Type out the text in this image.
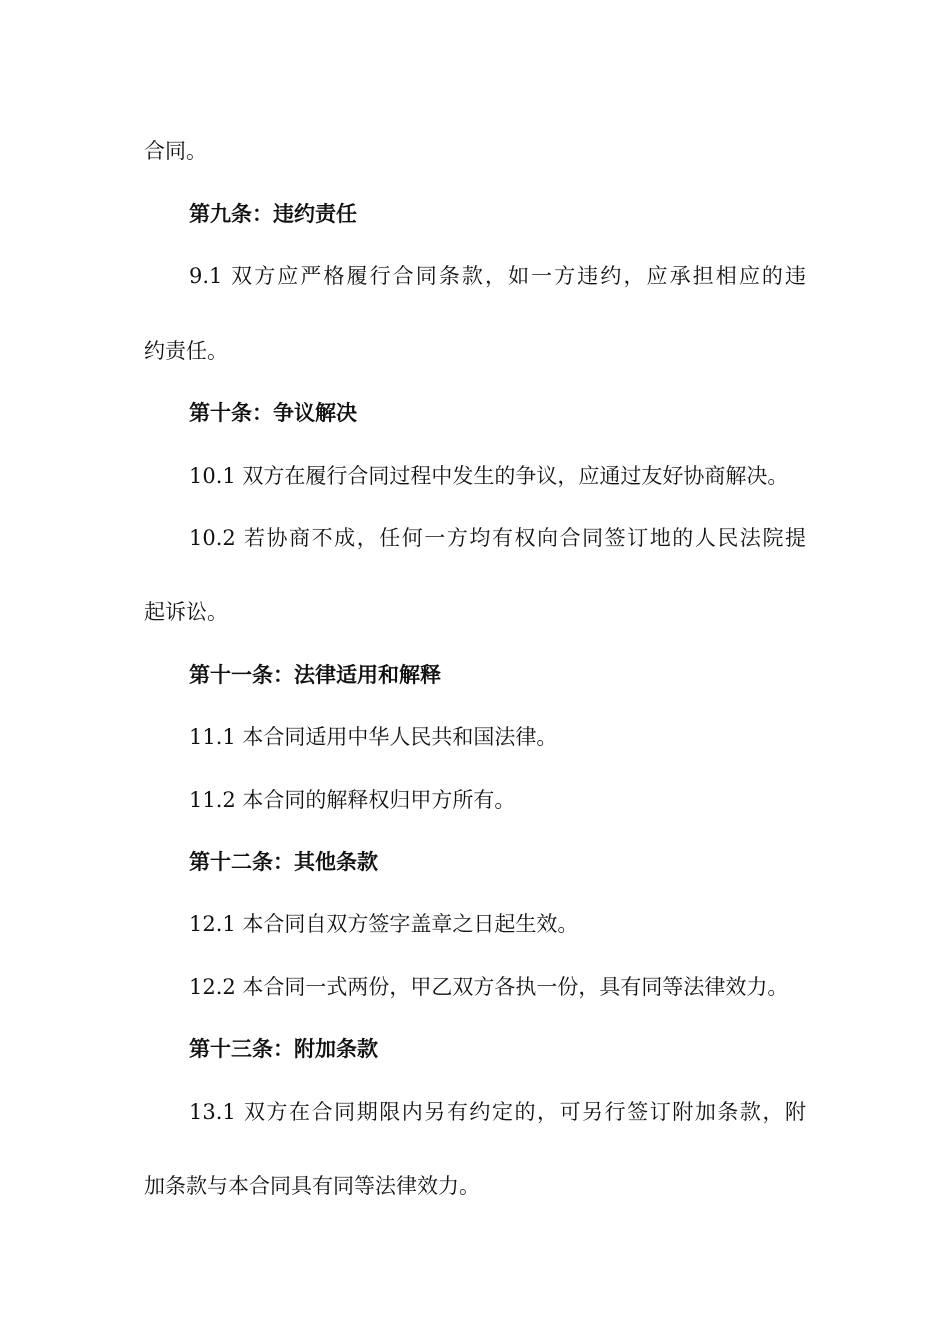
合同。
第九条：违约责任
9.1 双方应严格履行合同条款，如一方违约，应承担相应的违
约责任。
第十条：争议解决
10.1 双方在履行合同过程中发生的争议，应通过友好协商解决。
10.2 若协商不成，任何一方均有权向合同签订地的人民法院提
起诉讼。
第十一条：法律适用和解释
11.1 本合同适用中华人民共和国法律。
11.2 本合同的解释权归甲方所有。
第十二条：其他条款
12.1 本合同自双方签字盖章之日起生效。
12.2 本合同一式两份，甲乙双方各执一份，具有同等法律效力。
第十三条：附加条款
13.1 双方在合同期限内另有约定的，可另行签订附加条款，附
加条款与本合同具有同等法律效力。
